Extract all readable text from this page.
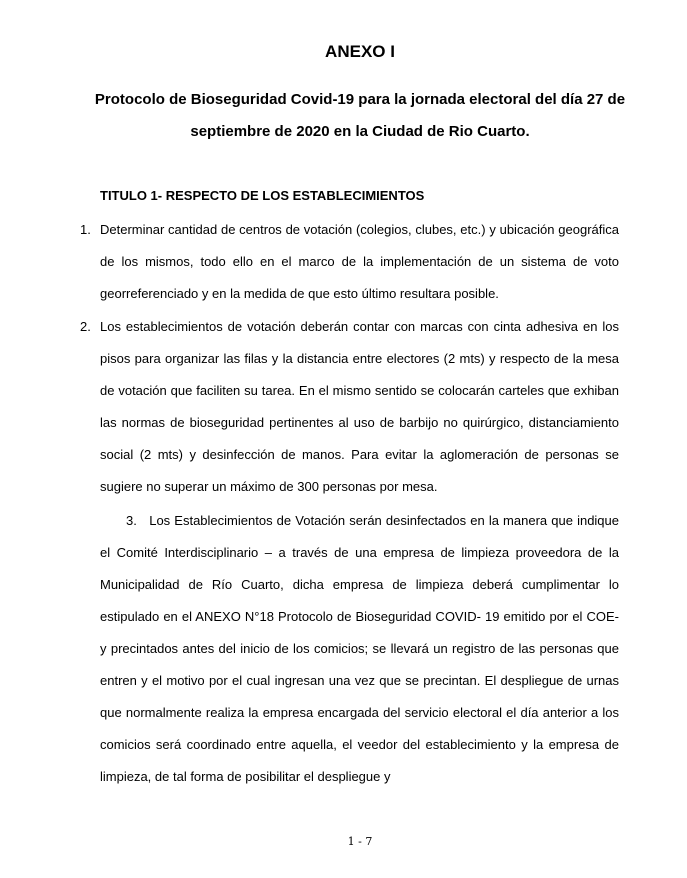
ANEXO I
Protocolo de Bioseguridad Covid-19 para la jornada electoral del día 27 de septiembre de 2020 en la Ciudad de Rio Cuarto.
TITULO 1- RESPECTO DE LOS ESTABLECIMIENTOS
1. Determinar cantidad de centros de votación (colegios, clubes, etc.) y ubicación geográfica de los mismos, todo ello en el marco de la implementación de un sistema de voto georreferenciado y en la medida de que esto último resultara posible.

2. Los establecimientos de votación deberán contar con marcas con cinta adhesiva en los pisos para organizar las filas y la distancia entre electores (2 mts) y respecto de la mesa de votación que faciliten su tarea. En el mismo sentido se colocarán carteles que exhiban las normas de bioseguridad pertinentes al uso de barbijo no quirúrgico, distanciamiento social (2 mts) y desinfección de manos. Para evitar la aglomeración de personas se sugiere no superar un máximo de 300 personas por mesa.

3. Los Establecimientos de Votación serán desinfectados en la manera que indique el Comité Interdisciplinario – a través de una empresa de limpieza proveedora de la Municipalidad de Río Cuarto, dicha empresa de limpieza deberá cumplimentar lo estipulado en el ANEXO N°18 Protocolo de Bioseguridad COVID- 19 emitido por el COE- y precintados antes del inicio de los comicios; se llevará un registro de las personas que entren y el motivo por el cual ingresan una vez que se precintan. El despliegue de urnas que normalmente realiza la empresa encargada del servicio electoral el día anterior a los comicios será coordinado entre aquella, el veedor del establecimiento y la empresa de limpieza, de tal forma de posibilitar el despliegue y

1 - 7
